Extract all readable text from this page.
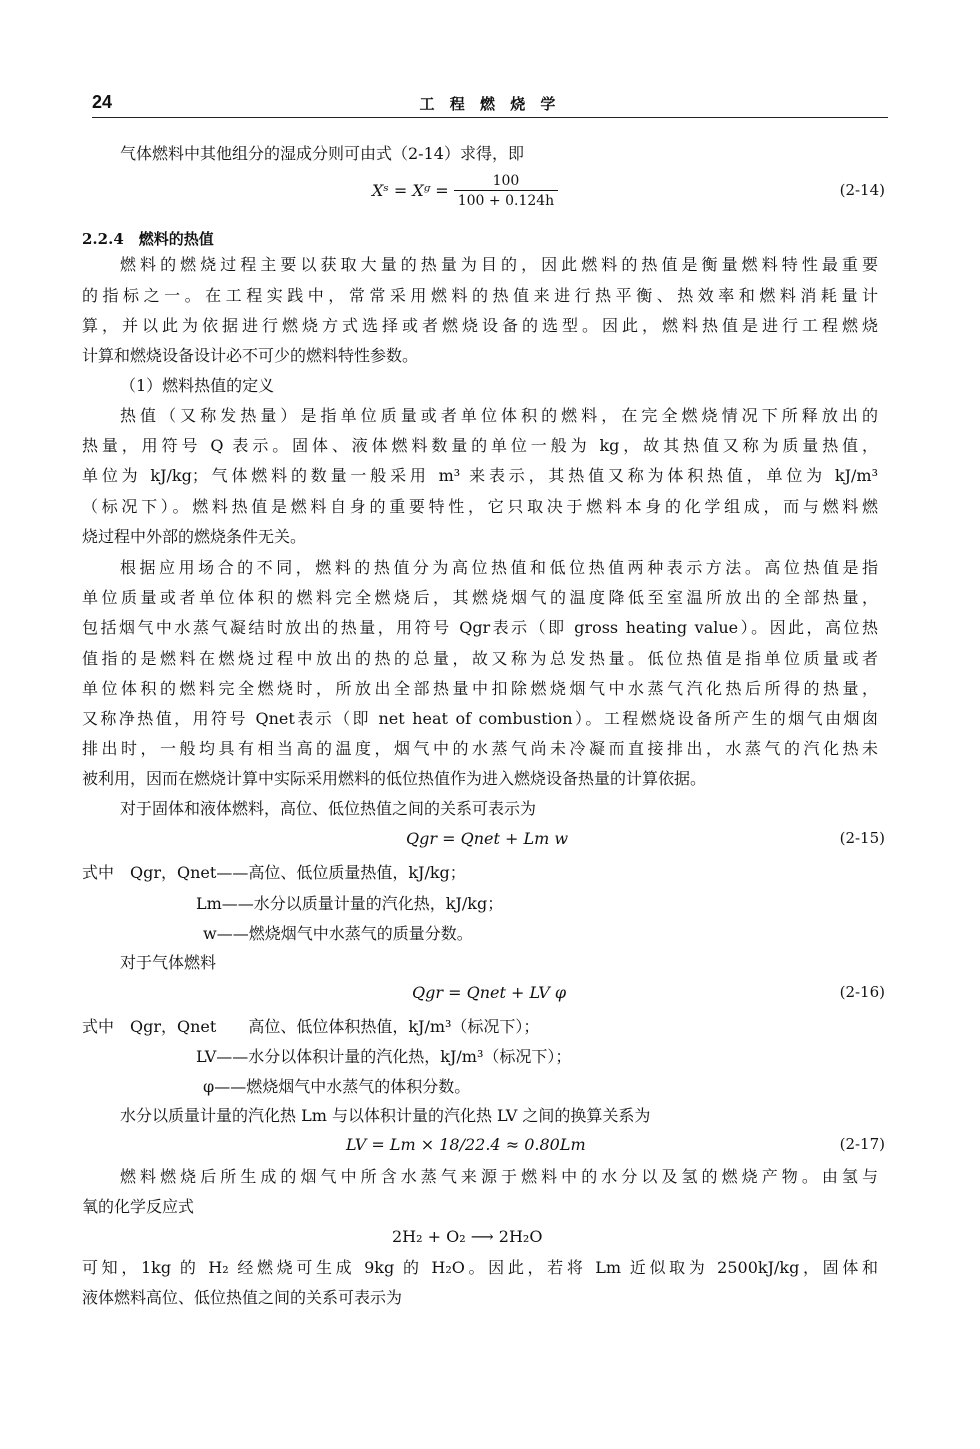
24	工 程 燃 烧 学
气体燃料中其他组分的湿成分则可由式（2-14）求得，即
Xˢ = Xᵍ = $\frac{100}{100 + 0.124h}$	(2-14)
2.2.4　燃料的热值
燃料的燃烧过程主要以获取大量的热量为目的，因此燃料的热值是衡量燃料特性最重要
的指标之一。在工程实践中，常常采用燃料的热值来进行热平衡、热效率和燃料消耗量计
算，并以此为依据进行燃烧方式选择或者燃烧设备的选型。因此，燃料热值是进行工程燃烧
计算和燃烧设备设计必不可少的燃料特性参数。
（1）燃料热值的定义
热值（又称发热量）是指单位质量或者单位体积的燃料，在完全燃烧情况下所释放出的
热量，用符号 Q 表示。固体、液体燃料数量的单位一般为 kg，故其热值又称为质量热值，
单位为 kJ/kg；气体燃料的数量一般采用 m³ 来表示，其热值又称为体积热值，单位为 kJ/m³
（标况下）。燃料热值是燃料自身的重要特性，它只取决于燃料本身的化学组成，而与燃料燃
烧过程中外部的燃烧条件无关。
根据应用场合的不同，燃料的热值分为高位热值和低位热值两种表示方法。高位热值是指
单位质量或者单位体积的燃料完全燃烧后，其燃烧烟气的温度降低至室温所放出的全部热量，
包括烟气中水蒸气凝结时放出的热量，用符号 Qgr表示（即 gross heating value）。因此，高位热
值指的是燃料在燃烧过程中放出的热的总量，故又称为总发热量。低位热值是指单位质量或者
单位体积的燃料完全燃烧时，所放出全部热量中扣除燃烧烟气中水蒸气汽化热后所得的热量，
又称净热值，用符号 Qnet表示（即 net heat of combustion）。工程燃烧设备所产生的烟气由烟囱
排出时，一般均具有相当高的温度，烟气中的水蒸气尚未冷凝而直接排出，水蒸气的汽化热未
被利用，因而在燃烧计算中实际采用燃料的低位热值作为进入燃烧设备热量的计算依据。
对于固体和液体燃料，高位、低位热值之间的关系可表示为
Qgr = Qnet + Lm w	(2-15)
式中　Qgr，Qnet——高位、低位质量热值，kJ/kg；
Lm——水分以质量计量的汽化热，kJ/kg；
w——燃烧烟气中水蒸气的质量分数。
对于气体燃料
Qgr = Qnet + LV φ	(2-16)
式中　Qgr，Qnet　　高位、低位体积热值，kJ/m³（标况下）；
LV——水分以体积计量的汽化热，kJ/m³（标况下）；
φ——燃烧烟气中水蒸气的体积分数。
水分以质量计量的汽化热 Lm 与以体积计量的汽化热 LV 之间的换算关系为
LV = Lm × 18/22.4 ≈ 0.80Lm	(2-17)
燃料燃烧后所生成的烟气中所含水蒸气来源于燃料中的水分以及氢的燃烧产物。由氢与
氧的化学反应式
2H₂ + O₂ ⟶ 2H₂O
可知，1kg 的 H₂ 经燃烧可生成 9kg 的 H₂O。因此，若将 Lm 近似取为 2500kJ/kg，固体和
液体燃料高位、低位热值之间的关系可表示为
